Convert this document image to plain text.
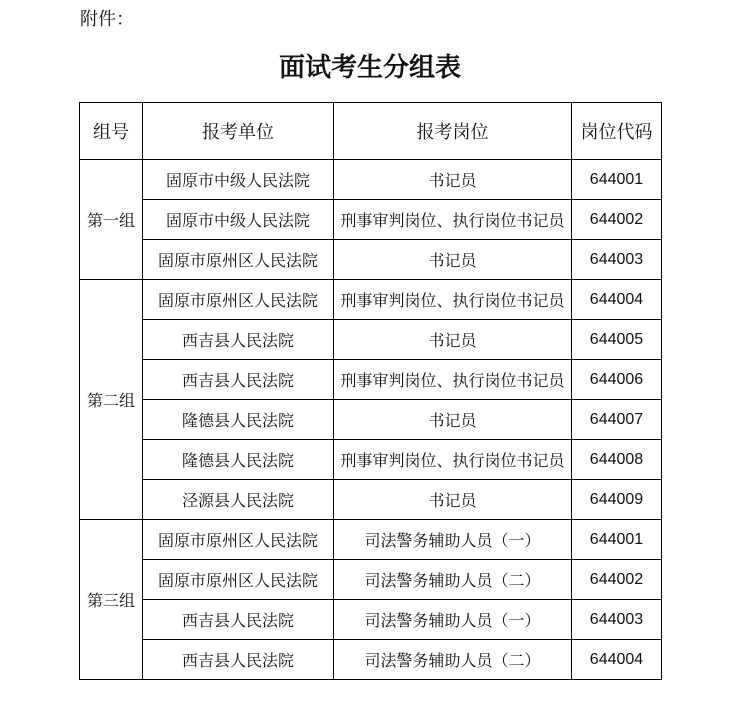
附件：
面试考生分组表
组号	报考单位	报考岗位	岗位代码
第一组	固原市中级人民法院	书记员	644001
	固原市中级人民法院	刑事审判岗位、执行岗位书记员	644002
	固原市原州区人民法院	书记员	644003
第二组	固原市原州区人民法院	刑事审判岗位、执行岗位书记员	644004
	西吉县人民法院	书记员	644005
	西吉县人民法院	刑事审判岗位、执行岗位书记员	644006
	隆德县人民法院	书记员	644007
	隆德县人民法院	刑事审判岗位、执行岗位书记员	644008
	泾源县人民法院	书记员	644009
第三组	固原市原州区人民法院	司法警务辅助人员（一）	644001
	固原市原州区人民法院	司法警务辅助人员（二）	644002
	西吉县人民法院	司法警务辅助人员（一）	644003
	西吉县人民法院	司法警务辅助人员（二）	644004
